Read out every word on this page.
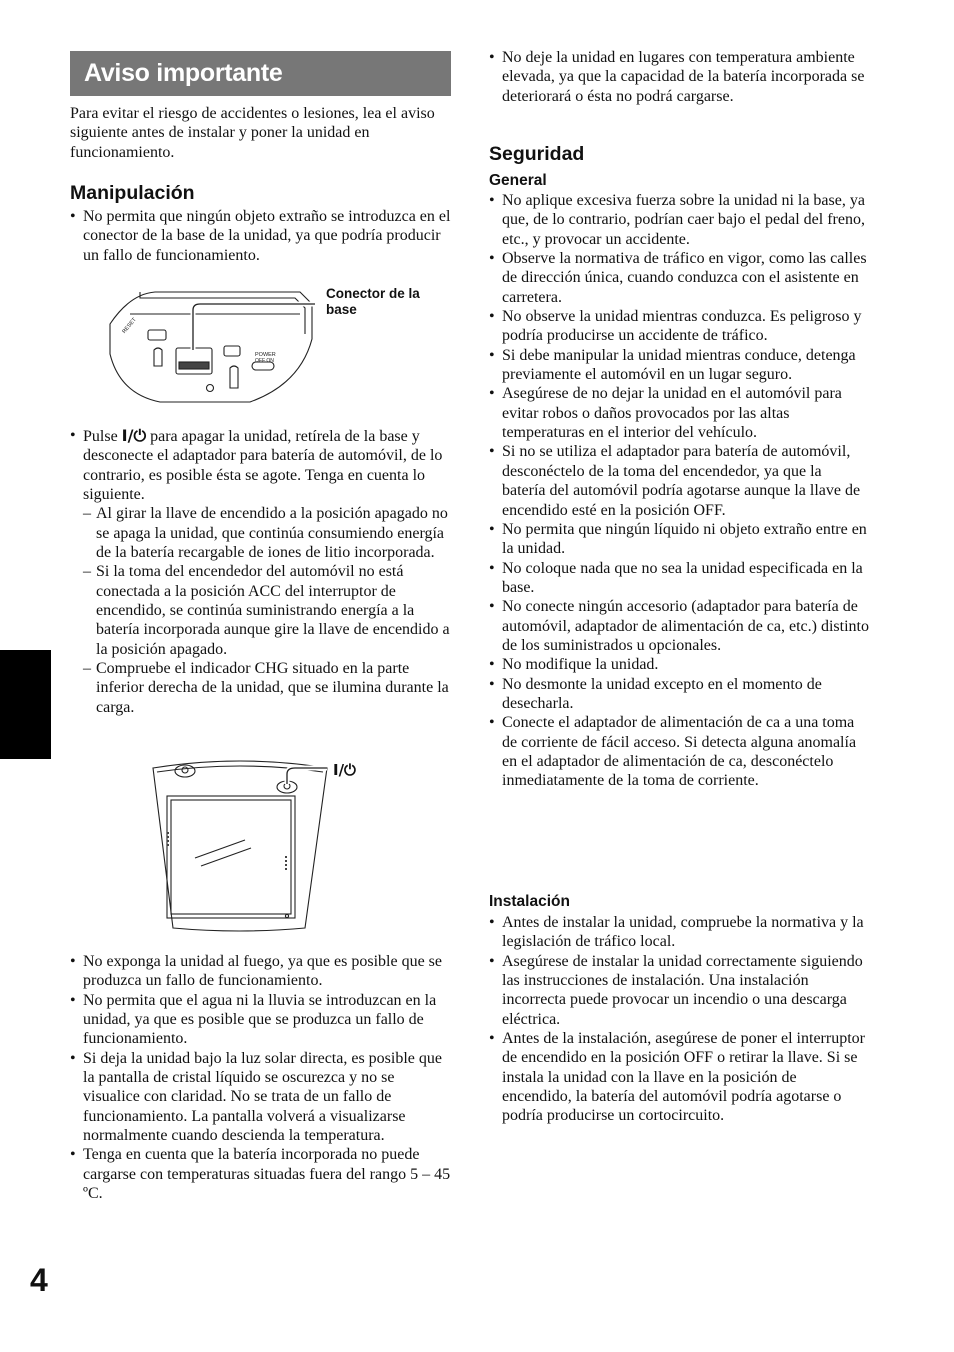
Aviso importante

Para evitar el riesgo de accidentes o lesiones, lea el aviso siguiente antes de instalar y poner la unidad en funcionamiento.

Manipulación
• No permita que ningún objeto extraño se introduzca en el conector de la base de la unidad, ya que podría producir un fallo de funcionamiento.
RESET
POWER
OFF ON
Conector de la base
• Pulse I/⏻ para apagar la unidad, retírela de la base y desconecte el adaptador para batería de automóvil, de lo contrario, es posible ésta se agote. Tenga en cuenta lo siguiente.
– Al girar la llave de encendido a la posición apagado no se apaga la unidad, que continúa consumiendo energía de la batería recargable de iones de litio incorporada.
– Si la toma del encendedor del automóvil no está conectada a la posición ACC del interruptor de encendido, se continúa suministrando energía a la batería incorporada aunque gire la llave de encendido a la posición apagado.
– Compruebe el indicador CHG situado en la parte inferior derecha de la unidad, que se ilumina durante la carga.
I/⏻
• No exponga la unidad al fuego, ya que es posible que se produzca un fallo de funcionamiento.
• No permita que el agua ni la lluvia se introduzcan en la unidad, ya que es posible que se produzca un fallo de funcionamiento.
• Si deja la unidad bajo la luz solar directa, es posible que la pantalla de cristal líquido se oscurezca y no se visualice con claridad. No se trata de un fallo de funcionamiento. La pantalla volverá a visualizarse normalmente cuando descienda la temperatura.
• Tenga en cuenta que la batería incorporada no puede cargarse con temperaturas situadas fuera del rango 5 – 45 ºC.
• No deje la unidad en lugares con temperatura ambiente elevada, ya que la capacidad de la batería incorporada se deteriorará o ésta no podrá cargarse.
Seguridad
General
• No aplique excesiva fuerza sobre la unidad ni la base, ya que, de lo contrario, podrían caer bajo el pedal del freno, etc., y provocar un accidente.
• Observe la normativa de tráfico en vigor, como las calles de dirección única, cuando conduzca con el asistente en carretera.
• No observe la unidad mientras conduzca. Es peligroso y podría producirse un accidente de tráfico.
• Si debe manipular la unidad mientras conduce, detenga previamente el automóvil en un lugar seguro.
• Asegúrese de no dejar la unidad en el automóvil para evitar robos o daños provocados por las altas temperaturas en el interior del vehículo.
• Si no se utiliza el adaptador para batería de automóvil, desconéctelo de la toma del encendedor, ya que la batería del automóvil podría agotarse aunque la llave de encendido esté en la posición OFF.
• No permita que ningún líquido ni objeto extraño entre en la unidad.
• No coloque nada que no sea la unidad especificada en la base.
• No conecte ningún accesorio (adaptador para batería de automóvil, adaptador de alimentación de ca, etc.) distinto de los suministrados u opcionales.
• No modifique la unidad.
• No desmonte la unidad excepto en el momento de desecharla.
• Conecte el adaptador de alimentación de ca a una toma de corriente de fácil acceso. Si detecta alguna anomalía en el adaptador de alimentación de ca, desconéctelo inmediatamente de la toma de corriente.
Instalación
• Antes de instalar la unidad, compruebe la normativa y la legislación de tráfico local.
• Asegúrese de instalar la unidad correctamente siguiendo las instrucciones de instalación. Una instalación incorrecta puede provocar un incendio o una descarga eléctrica.
• Antes de la instalación, asegúrese de poner el interruptor de encendido en la posición OFF o retirar la llave. Si se instala la unidad con la llave en la posición de encendido, la batería del automóvil podría agotarse o podría producirse un cortocircuito.
4
